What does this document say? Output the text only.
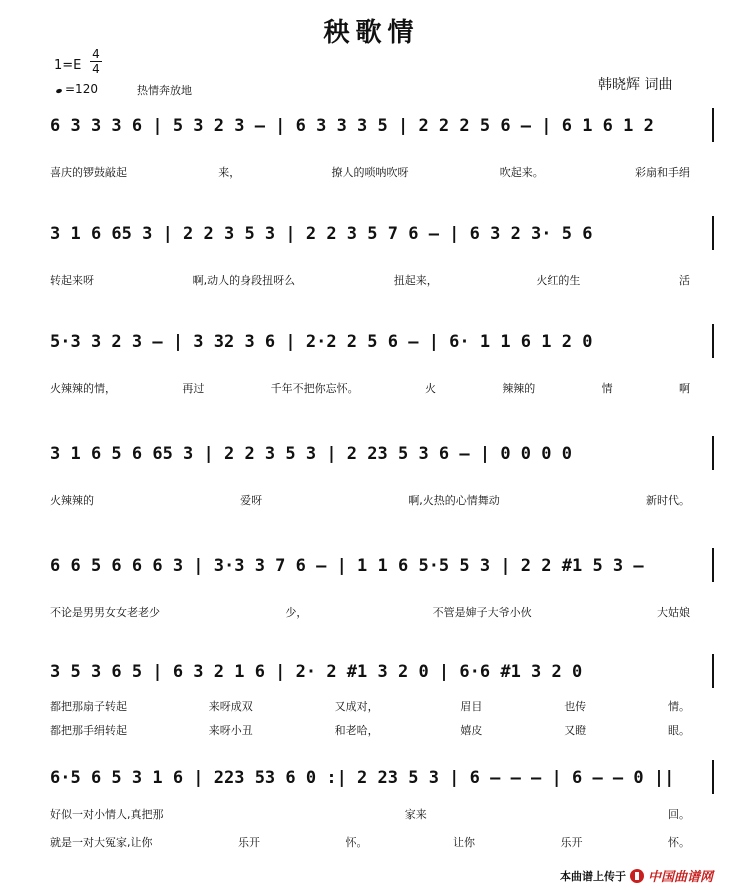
秧歌情
1=E
4
4
=120	热情奔放地	韩晓辉 词曲
6 3 3 3 6 | 5 3 2 3 – | 6 3 3 3 5 | 2 2 2 5 6 – | 6 1 6 1 2
喜庆的锣鼓敲起	来，	撩人的唢呐吹呀	吹起来。	彩扇和手绢
3 1 6 65 3 | 2 2 3 5 3 | 2 2 3 5 7 6 – | 6 3 2 3· 5 6
转起来呀	啊,动人的身段扭呀么	扭起来，	火红的生	活
5·3 3 2 3 – | 3 32 3 6 | 2·2 2 5 6 – | 6· 1 1 6 1 2 0
火辣辣的情，	再过	千年不把你忘怀。	火	辣辣的	情	啊
3 1 6 5 6 65 3 | 2 2 3 5 3 | 2 23 5 3 6 – | 0 0 0 0
火辣辣的	爱呀	啊,火热的心情舞动	新时代。
6 6 5 6 6 6 3 | 3·3 3 7 6 – | 1 1 6 5·5 5 3 | 2 2 #1 5 3 –
不论是男男女女老老少	少，	不管是婶子大爷小伙	大姑娘
3 5 3 6 5 | 6 3 2 1 6 | 2· 2 #1 3 2 0 | 6·6 #1 3 2 0
都把那扇子转起	来呀成双	又成对，	眉目	也传	情。
都把那手绢转起	来呀小丑	和老哈，	嬉皮	又瞪	眼。
6·5 6 5 3 1 6 | 223 53 6 0 :| 2 23 5 3 | 6 – – – | 6 – – 0 ||
好似一对小情人,真把那	家来	回。
就是一对大冤家,让你	乐开	怀。	让你	乐开	怀。
本曲谱上传于 中国曲谱网
